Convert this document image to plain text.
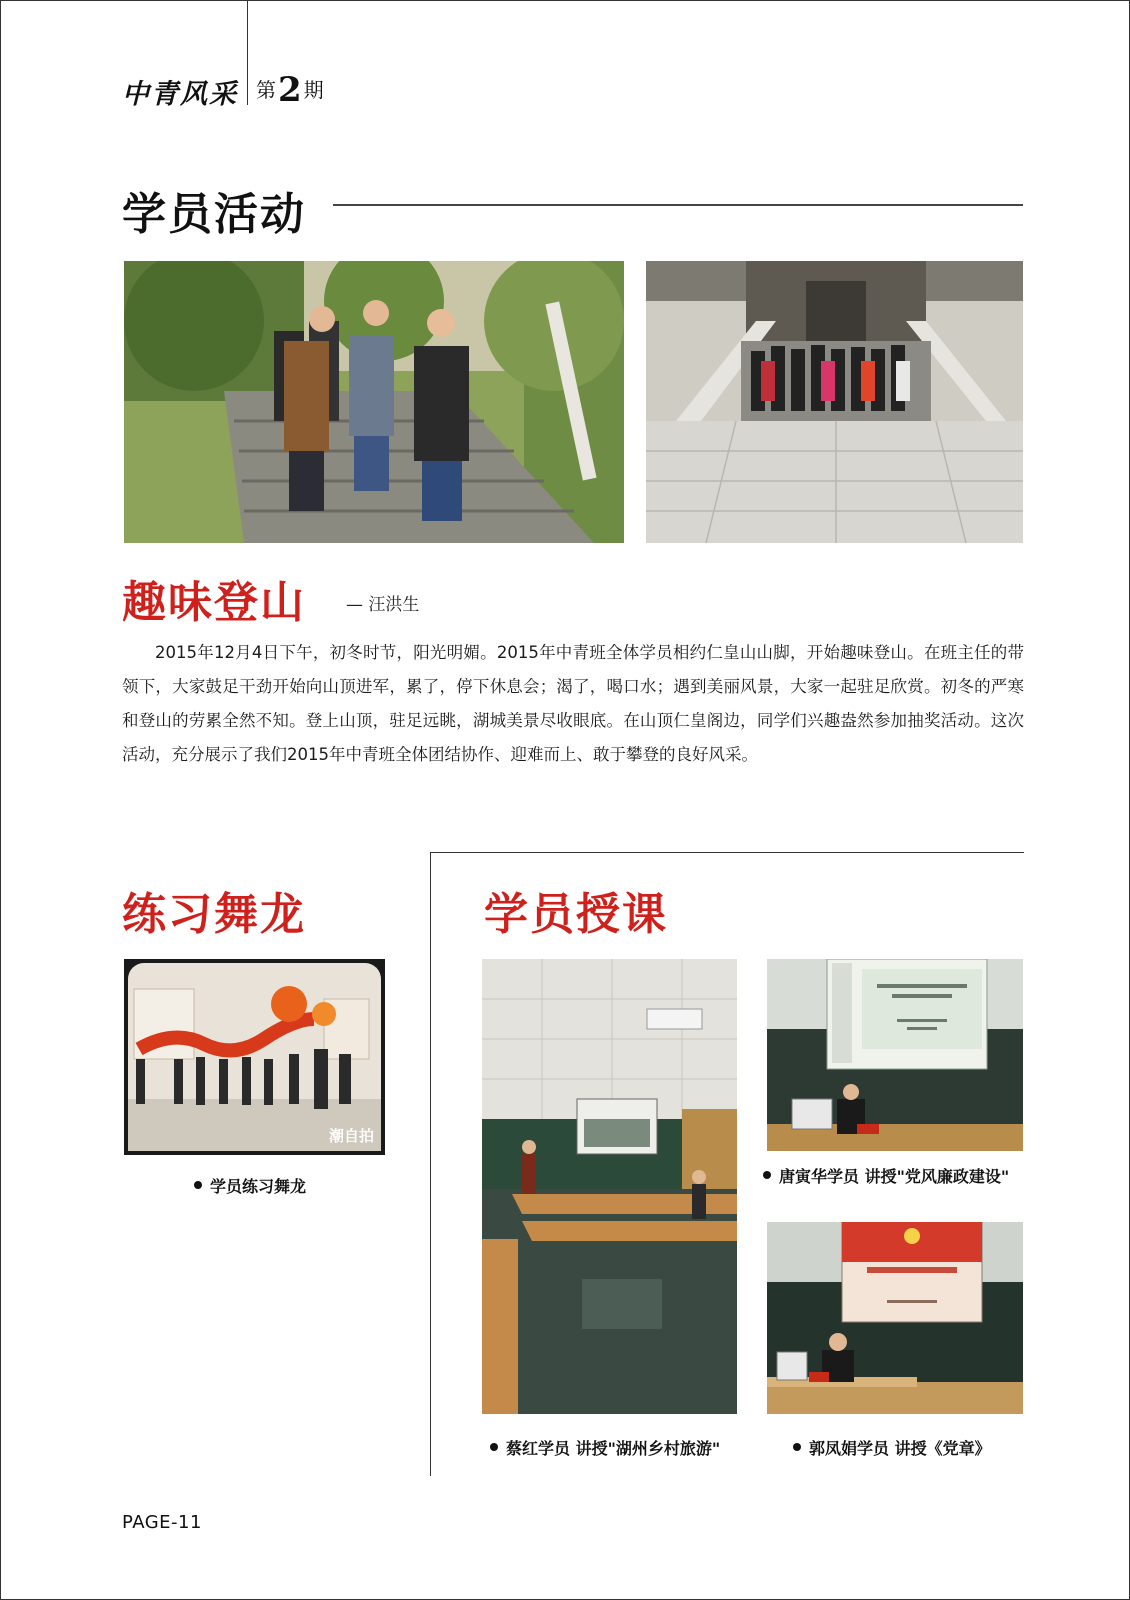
中青风采 第2 期
学员活动
趣味登山 — 汪洪生

2015年12月4日下午，初冬时节，阳光明媚。2015年中青班全体学员相约仁皇山山脚，开始趣味登山。在班主任的带领下，大家鼓足干劲开始向山顶进军，累了，停下休息会；渴了，喝口水；遇到美丽风景，大家一起驻足欣赏。初冬的严寒和登山的劳累全然不知。登上山顶，驻足远眺，湖城美景尽收眼底。在山顶仁皇阁边，同学们兴趣盎然参加抽奖活动。这次活动，充分展示了我们2015年中青班全体团结协作、迎难而上、敢于攀登的良好风采。

练习舞龙
潮自拍
学员练习舞龙
学员授课
蔡红学员 讲授"湖州乡村旅游"
唐寅华学员 讲授"党风廉政建设"
郭凤娟学员 讲授《党章》
PAGE-11
